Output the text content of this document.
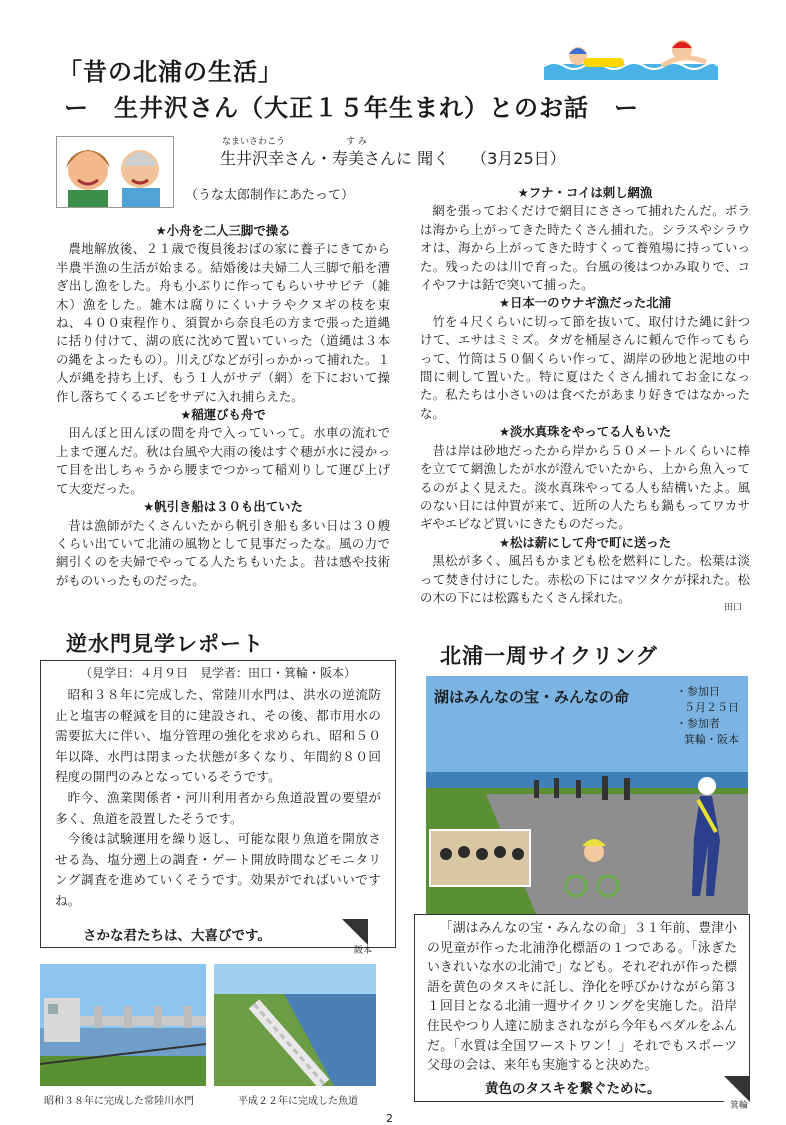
「昔の北浦の生活」
ー　生井沢さん（大正１５年生まれ）とのお話　ー
なまいさわこう	す み
生井沢幸さん・寿美さんに 聞く （3月25日）
（うな太郎制作にあたって）
★小舟を二人三脚で操る

農地解放後、２１歳で復員後おばの家に養子にきてから半農半漁の生活が始まる。結婚後は夫婦二人三脚で船を漕ぎ出し漁をした。舟も小ぶりに作ってもらいササビテ（雑木）漁をした。雑木は腐りにくいナラやクヌギの枝を束ね、４００束程作り、須賀から奈良毛の方まで張った道縄に括り付けて、湖の底に沈めて置いていった（道縄は３本の縄をよったもの）。川えびなどが引っかかって捕れた。１人が縄を持ち上げ、もう１人がサデ（網）を下において操作し落ちてくるエビをサデに入れ捕らえた。

★稲運びも舟で

田んぼと田んぼの間を舟で入っていって。水車の流れで上まで運んだ。秋は台風や大雨の後はすぐ穂が水に浸かって目を出しちゃうから腰までつかって稲刈りして運び上げて大変だった。

★帆引き船は３０も出ていた

昔は漁師がたくさんいたから帆引き船も多い日は３０艘くらい出ていて北浦の風物として見事だったな。風の力で網引くのを夫婦でやってる人たちもいたよ。昔は感や技術がものいったものだった。

★フナ・コイは刺し網漁

網を張っておくだけで網目にささって捕れたんだ。ボラは海から上がってきた時たくさん捕れた。シラスやシラウオは、海から上がってきた時すくって養殖場に持っていった。残ったのは川で育った。台風の後はつかみ取りで、コイやフナは銛で突いて捕った。

★日本一のウナギ漁だった北浦

竹を４尺くらいに切って節を抜いて、取付けた縄に針つけて、エサはミミズ。タガを桶屋さんに頼んで作ってもらって、竹筒は５０個くらい作って、湖岸の砂地と泥地の中間に刺して置いた。特に夏はたくさん捕れてお金になった。私たちは小さいのは食べたがあまり好きではなかったな。

★淡水真珠をやってる人もいた

昔は岸は砂地だったから岸から５０メートルくらいに棒を立てて網漁したが水が澄んでいたから、上から魚入ってるのがよく見えた。淡水真珠やってる人も結構いたよ。風のない日には仲買が来て、近所の人たちも鍋もってワカサギやエビなど買いにきたものだった。

★松は薪にして舟で町に送った

黒松が多く、風呂もかまども松を燃料にした。松葉は淡って焚き付けにした。赤松の下にはマツタケが採れた。松の木の下には松露もたくさん採れた。

田口
逆水門見学レポート
（見学日：４月９日　見学者：田口・箕輪・阪本）

昭和３８年に完成した、常陸川水門は、洪水の逆流防止と塩害の軽減を目的に建設され、その後、都市用水の需要拡大に伴い、塩分管理の強化を求められ、昭和５０年以降、水門は閉まった状態が多くなり、年間約８０回程度の開門のみとなっているそうです。

昨今、漁業関係者・河川利用者から魚道設置の要望が多く、魚道を設置したそうです。

今後は試験運用を繰り返し、可能な限り魚道を開放させる為、塩分遡上の調査・ゲート開放時間などモニタリング調査を進めていくそうです。効果がでればいいですね。

さかな君たちは、大喜びです。
阪本
昭和３８年に完成した常陸川水門	平成２２年に完成した魚道
北浦一周サイクリング
湖はみんなの宝・みんなの命	・参加日
５月２５日
・参加者
箕輪・阪本

「湖はみんなの宝・みんなの命」３１年前、豊津小の児童が作った北浦浄化標語の１つである。「泳ぎたいきれいな水の北浦で」なども。それぞれが作った標語を黄色のタスキに託し、浄化を呼びかけながら第３１回目となる北浦一週サイクリングを実施した。沿岸住民やつり人達に励まされながら今年もペダルをふんだ。「水質は全国ワーストワン！」それでもスポーツ父母の会は、来年も実施すると決めた。

黄色のタスキを繋ぐために。
箕輪
2
